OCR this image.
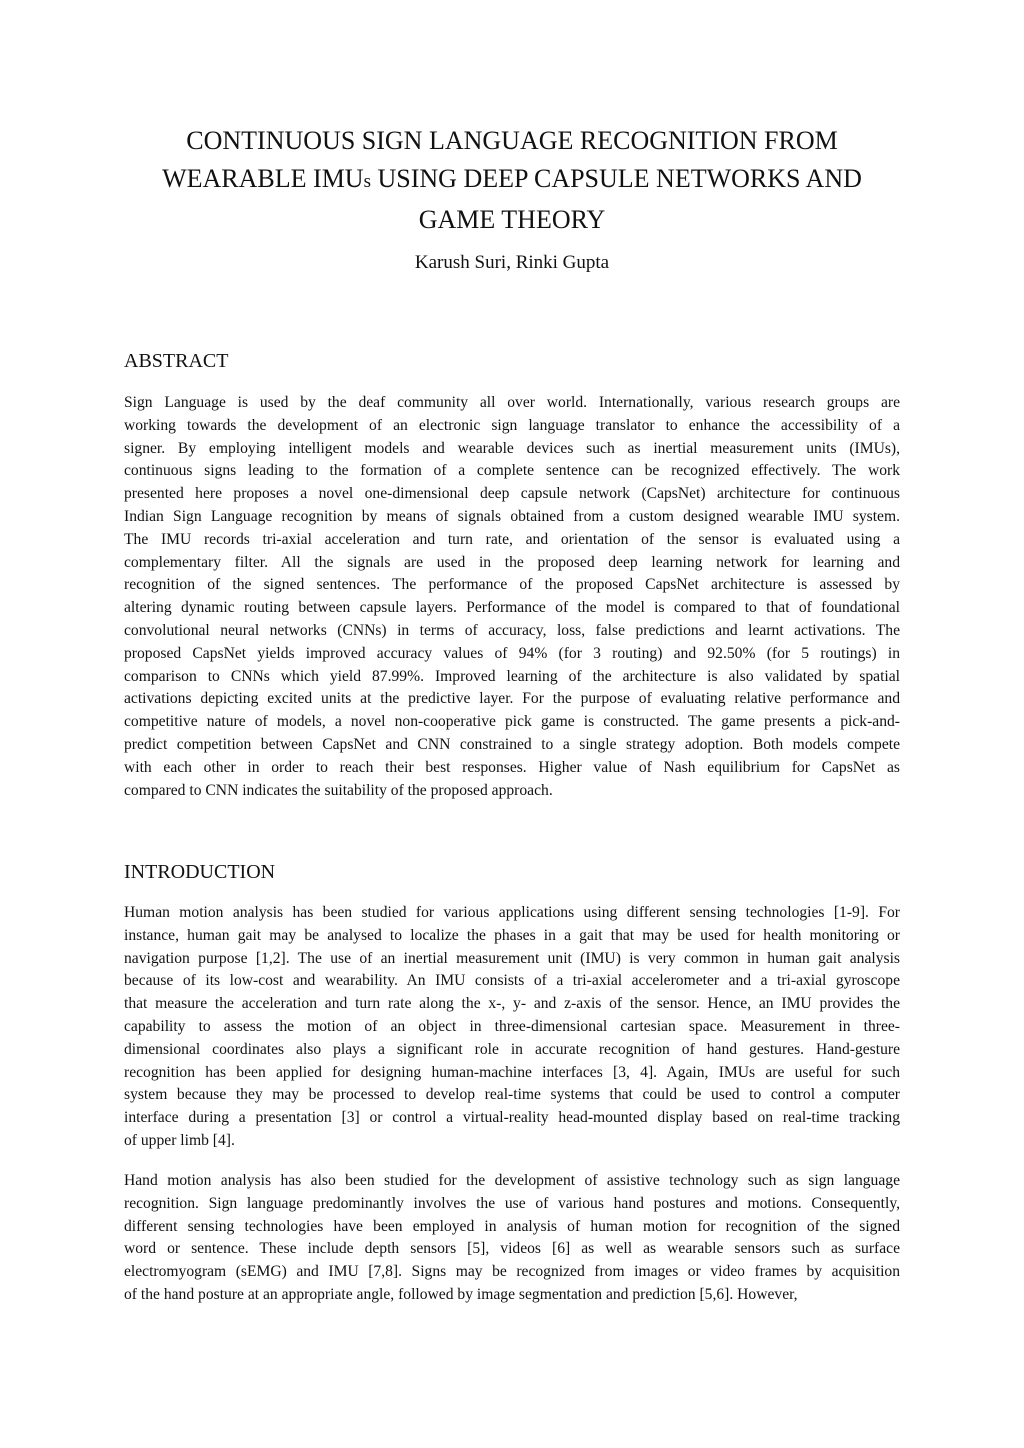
CONTINUOUS SIGN LANGUAGE RECOGNITION FROM
WEARABLE IMUs USING DEEP CAPSULE NETWORKS AND
GAME THEORY
Karush Suri, Rinki Gupta
ABSTRACT
Sign Language is used by the deaf community all over world. Internationally, various research groups are
working towards the development of an electronic sign language translator to enhance the accessibility of a
signer. By employing intelligent models and wearable devices such as inertial measurement units (IMUs),
continuous signs leading to the formation of a complete sentence can be recognized effectively. The work
presented here proposes a novel one-dimensional deep capsule network (CapsNet) architecture for continuous
Indian Sign Language recognition by means of signals obtained from a custom designed wearable IMU system.
The IMU records tri-axial acceleration and turn rate, and orientation of the sensor is evaluated using a
complementary filter. All the signals are used in the proposed deep learning network for learning and
recognition of the signed sentences. The performance of the proposed CapsNet architecture is assessed by
altering dynamic routing between capsule layers. Performance of the model is compared to that of foundational
convolutional neural networks (CNNs) in terms of accuracy, loss, false predictions and learnt activations. The
proposed CapsNet yields improved accuracy values of 94% (for 3 routing) and 92.50% (for 5 routings) in
comparison to CNNs which yield 87.99%. Improved learning of the architecture is also validated by spatial
activations depicting excited units at the predictive layer. For the purpose of evaluating relative performance and
competitive nature of models, a novel non-cooperative pick game is constructed. The game presents a pick-and-
predict competition between CapsNet and CNN constrained to a single strategy adoption. Both models compete
with each other in order to reach their best responses. Higher value of Nash equilibrium for CapsNet as
compared to CNN indicates the suitability of the proposed approach.
INTRODUCTION
Human motion analysis has been studied for various applications using different sensing technologies [1-9]. For
instance, human gait may be analysed to localize the phases in a gait that may be used for health monitoring or
navigation purpose [1,2]. The use of an inertial measurement unit (IMU) is very common in human gait analysis
because of its low-cost and wearability. An IMU consists of a tri-axial accelerometer and a tri-axial gyroscope
that measure the acceleration and turn rate along the x-, y- and z-axis of the sensor. Hence, an IMU provides the
capability to assess the motion of an object in three-dimensional cartesian space. Measurement in three-
dimensional coordinates also plays a significant role in accurate recognition of hand gestures. Hand-gesture
recognition has been applied for designing human-machine interfaces [3, 4]. Again, IMUs are useful for such
system because they may be processed to develop real-time systems that could be used to control a computer
interface during a presentation [3] or control a virtual-reality head-mounted display based on real-time tracking
of upper limb [4].
Hand motion analysis has also been studied for the development of assistive technology such as sign language
recognition. Sign language predominantly involves the use of various hand postures and motions. Consequently,
different sensing technologies have been employed in analysis of human motion for recognition of the signed
word or sentence. These include depth sensors [5], videos [6] as well as wearable sensors such as surface
electromyogram (sEMG) and IMU [7,8]. Signs may be recognized from images or video frames by acquisition
of the hand posture at an appropriate angle, followed by image segmentation and prediction [5,6]. However,
